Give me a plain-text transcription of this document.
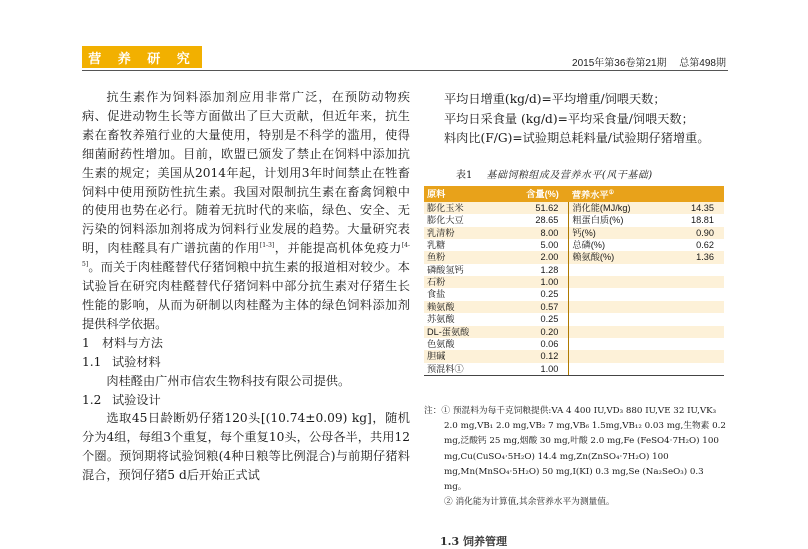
营 养 研 究	2015年第36卷第21期　 总第498期

抗生素作为饲料添加剂应用非常广泛，在预防动物疾病、促进动物生长等方面做出了巨大贡献，但近年来，抗生素在畜牧养殖行业的大量使用，特别是不科学的滥用，使得细菌耐药性增加。目前，欧盟已颁发了禁止在饲料中添加抗生素的规定；美国从2014年起，计划用3年时间禁止在牲畜饲料中使用预防性抗生素。我国对限制抗生素在畜禽饲粮中的使用也势在必行。随着无抗时代的来临，绿色、安全、无污染的饲料添加剂将成为饲料行业发展的趋势。大量研究表明，肉桂醛具有广谱抗菌的作用[1-3]，并能提高机体免疫力[4-5]。而关于肉桂醛替代仔猪饲粮中抗生素的报道相对较少。本试验旨在研究肉桂醛替代仔猪饲料中部分抗生素对仔猪生长性能的影响，从而为研制以肉桂醛为主体的绿色饲料添加剂提供科学依据。

1　材料与方法

1.1 试验材料

肉桂醛由广州市信农生物科技有限公司提供。

1.2 试验设计

选取45日龄断奶仔猪120头[(10.74±0.09) kg]，随机分为4组，每组3个重复，每个重复10头，公母各半，共用12个圈。预饲期将试验饲粮(4种日粮等比例混合)与前期仔猪料混合，预饲仔猪5 d后开始正式试

平均日增重(kg/d)=平均增重/饲喂天数；
平均日采食量 (kg/d)=平均采食量/饲喂天数；
料肉比(F/G)=试验期总耗料量/试验期仔猪增重。
表1 基础饲粮组成及营养水平(风干基础)
原料	含量(%)	营养水平①	
膨化玉米	51.62	消化能(MJ/kg)	14.35
膨化大豆	28.65	粗蛋白质(%)	18.81
乳清粉	8.00	钙(%)	0.90
乳糖	5.00	总磷(%)	0.62
鱼粉	2.00	赖氨酸(%)	1.36
磷酸氢钙	1.28		
石粉	1.00		
食盐	0.25		
赖氨酸	0.57		
苏氨酸	0.25		
DL-蛋氨酸	0.20		
色氨酸	0.06		
胆碱	0.12		
预混料①	1.00		

注：① 预混料为每千克饲粮提供:VA 4 400 IU,VD₃ 880 IU,VE 32 IU,VK₃ 2.0 mg,VB₁ 2.0 mg,VB₂ 7 mg,VB₆ 1.5mg,VB₁₂ 0.03 mg,生物素 0.2 mg,泛酸钙 25 mg,烟酸 30 mg,叶酸 2.0 mg,Fe (FeSO4·7H₂O) 100 mg,Cu(CuSO₄·5H₂O) 14.4 mg,Zn(ZnSO₄·7H₂O) 100 mg,Mn(MnSO₄·5H₂O) 50 mg,I(KI) 0.3 mg,Se (Na₂SeO₃) 0.3 mg。

② 消化能为计算值,其余营养水平为测量值。

1.3 饲养管理
